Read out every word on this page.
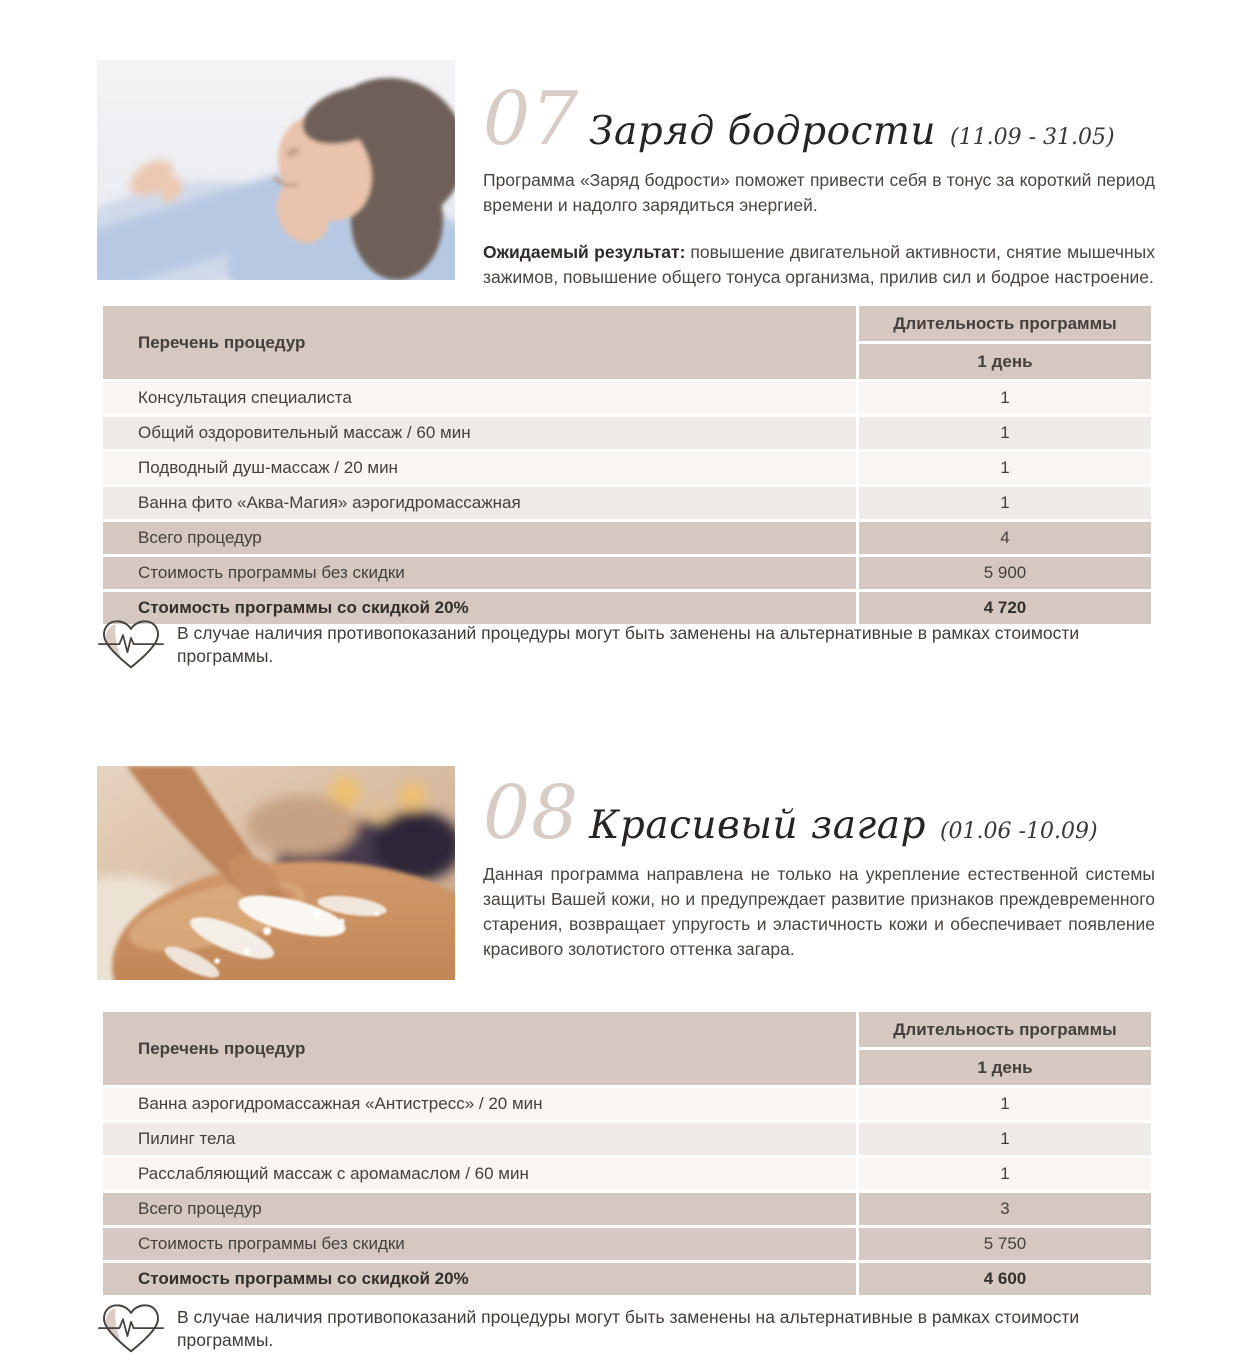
07 Заряд бодрости (11.09 - 31.05)

Программа «Заряд бодрости» поможет привести себя в тонус за короткий период времени и надолго зарядиться энергией.

Ожидаемый результат: повышение двигательной активности, снятие мышечных зажимов, повышение общего тонуса организма, прилив сил и бодрое настроение.

Перечень процедур	Длительность программы
	1 день
Консультация специалиста	1
Общий оздоровительный массаж / 60 мин	1
Подводный душ-массаж / 20 мин	1
Ванна фито «Аква-Магия» аэрогидромассажная	1
Всего процедур	4
Стоимость программы без скидки	5 900
Стоимость программы со скидкой 20%	4 720
В случае наличия противопоказаний процедуры могут быть заменены на альтернативные в рамках стоимости программы.
08 Красивый загар (01.06 -10.09)

Данная программа направлена не только на укрепление естественной системы защиты Вашей кожи, но и предупреждает развитие признаков преждевременного старения, возвращает упругость и эластичность кожи и обеспечивает появление красивого золотистого оттенка загара.

Перечень процедур	Длительность программы
	1 день
Ванна аэрогидромассажная «Антистресс» / 20 мин	1
Пилинг тела	1
Расслабляющий массаж с аромамаслом / 60 мин	1
Всего процедур	3
Стоимость программы без скидки	5 750
Стоимость программы со скидкой 20%	4 600
В случае наличия противопоказаний процедуры могут быть заменены на альтернативные в рамках стоимости программы.
